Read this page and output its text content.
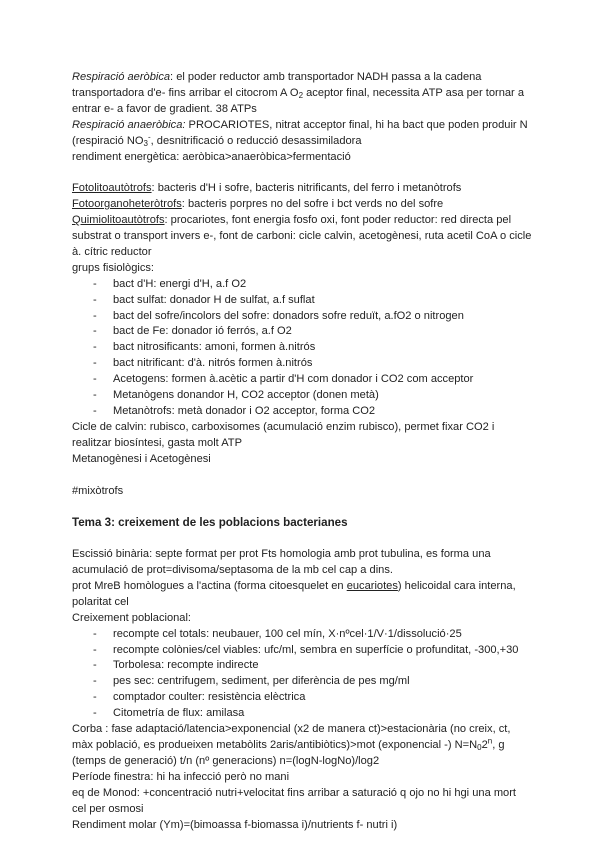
Respiració aeròbica: el poder reductor amb transportador NADH passa a la cadena transportadora d'e- fins arribar el citocrom A $O_2$ aceptor final, necessita ATP asa per tornar a entrar e- a favor de gradient. 38 ATPs

Respiració anaeròbica: PROCARIOTES, nitrat acceptor final, hi ha bact que poden produir N (respiració $NO_3^-$, desnitrificació o reducció desassimiladora

rendiment energètica: aeròbica>anaeròbica>fermentació

Fotolitoautòtrofs: bacteris d'H i sofre, bacteris nitrificants, del ferro i metanòtrofs

Fotoorganoheteròtrofs: bacteris porpres no del sofre i bct verds no del sofre

Quimiolitoautòtrofs: procariotes, font energia fosfo oxi, font poder reductor: red directa pel substrat o transport invers e-, font de carboni: cicle calvin, acetogènesi, ruta acetil CoA o cicle à. cítric reductor

grups fisiològics:

- bact d'H: energi d'H, a.f O2
- bact sulfat: donador H de sulfat, a.f suflat
- bact del sofre/incolors del sofre: donadors sofre reduït, a.fO2 o nitrogen
- bact de Fe: donador ió ferrós, a.f O2
- bact nitrosificants: amoni, formen à.nitrós
- bact nitrificant: d'à. nitrós formen à.nitrós
- Acetogens: formen à.acètic a partir d'H com donador i CO2 com acceptor
- Metanògens donandor H, CO2 acceptor (donen metà)
- Metanòtrofs: metà donador i O2 acceptor, forma CO2

Cicle de calvin: rubisco, carboxisomes (acumulació enzim rubisco), permet fixar CO2 i realitzar biosíntesi, gasta molt ATP

Metanogènesi i Acetogènesi

#mixòtrofs

Tema 3: creixement de les poblacions bacterianes

Escissió binària: septe format per prot Fts homologia amb prot tubulina, es forma una acumulació de prot=divisoma/septasoma de la mb cel cap a dins.

prot MreB homòlogues a l'actina (forma citoesquelet en eucariotes) helicoidal cara interna, polaritat cel

Creixement poblacional:

- recompte cel totals: neubauer, 100 cel mín, X·nºcel·1/V·1/dissolució·25
- recompte colònies/cel viables: ufc/ml, sembra en superfície o profunditat, -300,+30
- Torbolesa: recompte indirecte
- pes sec: centrifugem, sediment, per diferència de pes mg/ml
- comptador coulter: resistència elèctrica
- Citometría de flux: amilasa

Corba : fase adaptació/latencia>exponencial (x2 de manera ct)>estacionària (no creix, ct, màx població, es produeixen metabòlits 2aris/antibiòtics)>mot (exponencial -) $N=N_02^n$, g (temps de generació) t/n (nº generacions) n=(logN-logNo)/log2

Període finestra: hi ha infecció però no mani

eq de Monod: +concentració nutri+velocitat fins arribar a saturació q ojo no hi hgi una mort cel per osmosi

Rendiment molar (Ym)=(bimoassa f-biomassa i)/nutrients f- nutri i)
